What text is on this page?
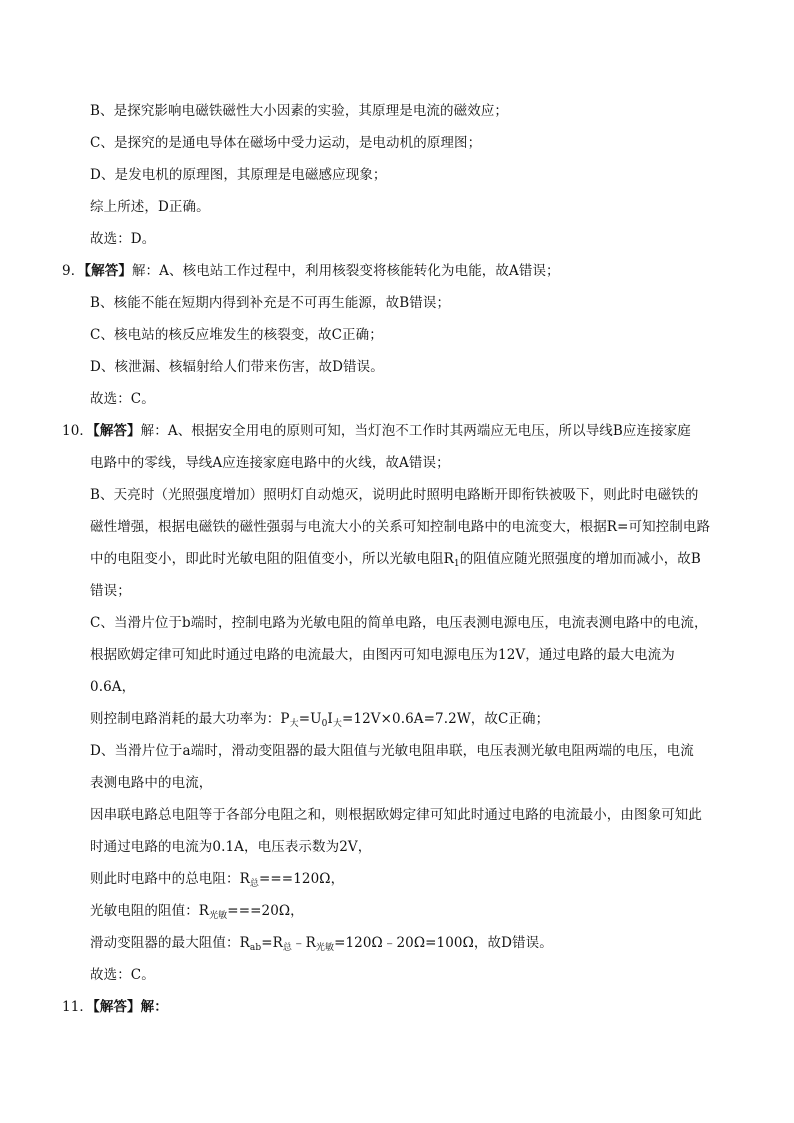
B、是探究影响电磁铁磁性大小因素的实验，其原理是电流的磁效应；
C、是探究的是通电导体在磁场中受力运动，是电动机的原理图；
D、是发电机的原理图，其原理是电磁感应现象；
综上所述，D正确。
故选：D。
9．【解答】解：A、核电站工作过程中，利用核裂变将核能转化为电能，故A错误；
B、核能不能在短期内得到补充是不可再生能源，故B错误；
C、核电站的核反应堆发生的核裂变，故C正确；
D、核泄漏、核辐射给人们带来伤害，故D错误。
故选：C。
10．【解答】解：A、根据安全用电的原则可知，当灯泡不工作时其两端应无电压，所以导线B应连接家庭
电路中的零线，导线A应连接家庭电路中的火线，故A错误；
B、天亮时（光照强度增加）照明灯自动熄灭，说明此时照明电路断开即衔铁被吸下，则此时电磁铁的
磁性增强，根据电磁铁的磁性强弱与电流大小的关系可知控制电路中的电流变大，根据R=可知控制电路
中的电阻变小，即此时光敏电阻的阻值变小，所以光敏电阻$R_1$的阻值应随光照强度的增加而减小，故B
错误；
C、当滑片位于b端时，控制电路为光敏电阻的简单电路，电压表测电源电压，电流表测电路中的电流，
根据欧姆定律可知此时通过电路的电流最大，由图丙可知电源电压为12V，通过电路的最大电流为
0.6A，
则控制电路消耗的最大功率为：$P_大=U_0I_大=12V\times 0.6A=7.2W$，故C正确；
D、当滑片位于a端时，滑动变阻器的最大阻值与光敏电阻串联，电压表测光敏电阻两端的电压，电流
表测电路中的电流，
因串联电路总电阻等于各部分电阻之和，则根据欧姆定律可知此时通过电路的电流最小，由图象可知此
时通过电路的电流为0.1A，电压表示数为2V，
则此时电路中的总电阻：$R_总===120\Omega$，
光敏电阻的阻值：$R_{光敏}===20\Omega$，
滑动变阻器的最大阻值：$R_{ab}=R_总﹣R_{光敏}=120\Omega﹣20\Omega=100\Omega$，故D错误。
故选：C。
11．【解答】解：
